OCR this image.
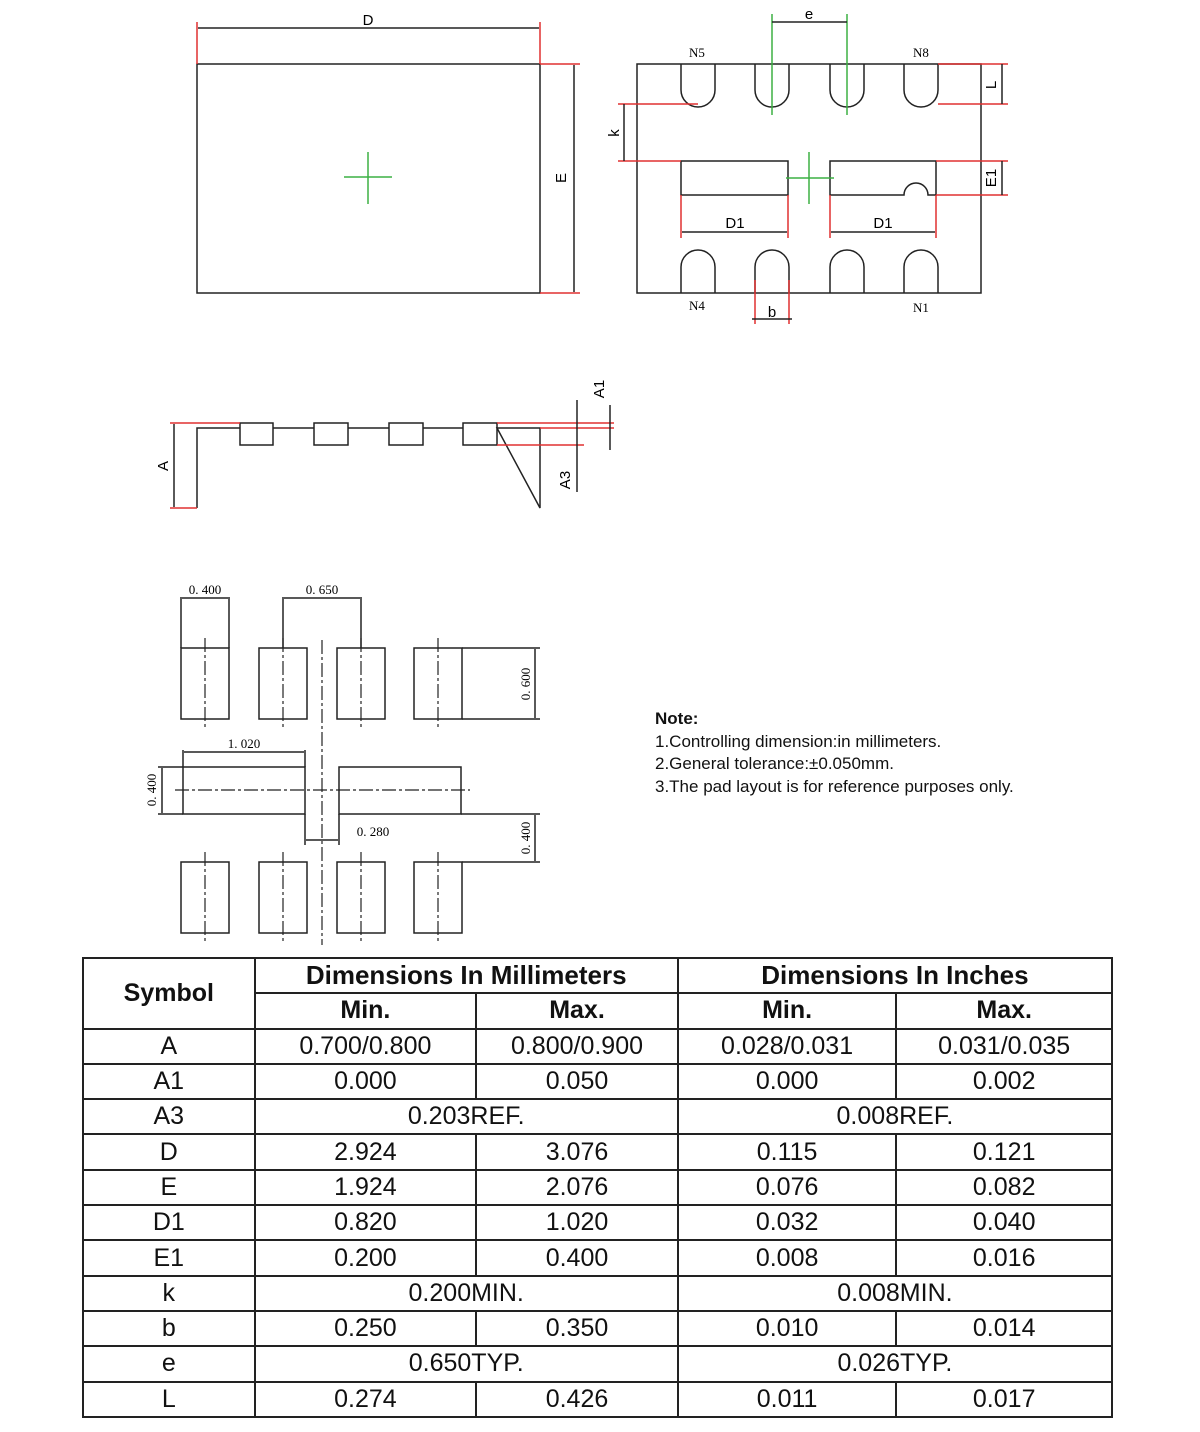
D
E
e
L
E1
k
D1	D1
b
N5	N8
N4	N1
A
A1
A3
0. 400	0. 650
0. 600
1. 020
0. 400
0. 280	0. 400
Note:
1.Controlling dimension:in millimeters.
2.General tolerance:±0.050mm.
3.The pad layout is for reference purposes only.
Symbol	Dimensions In Millimeters		Dimensions In Inches	
	Min.	Max.	Min.	Max.
A	0.700/0.800	0.800/0.900	0.028/0.031	0.031/0.035
A1	0.000	0.050	0.000	0.002
A3	0.203REF.		0.008REF.	
D	2.924	3.076	0.115	0.121
E	1.924	2.076	0.076	0.082
D1	0.820	1.020	0.032	0.040
E1	0.200	0.400	0.008	0.016
k	0.200MIN.		0.008MIN.	
b	0.250	0.350	0.010	0.014
e	0.650TYP.		0.026TYP.	
L	0.274	0.426	0.011	0.017
